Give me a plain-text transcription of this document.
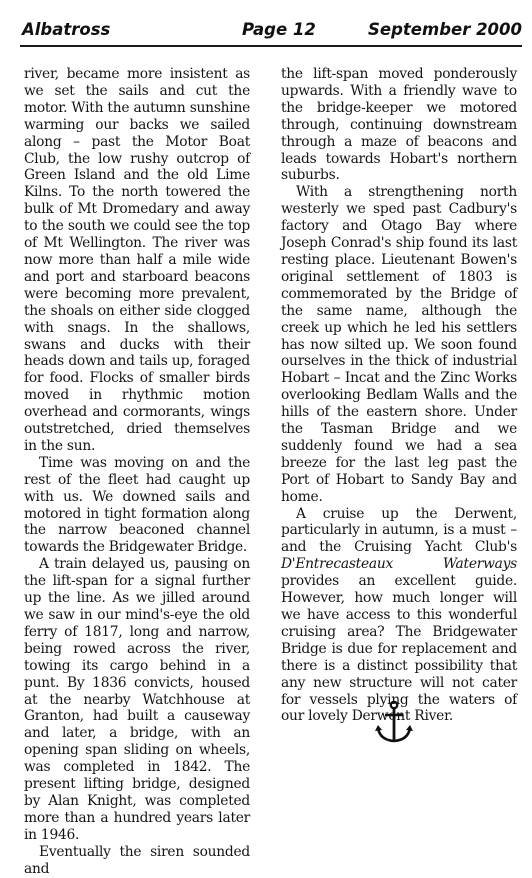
Albatross	Page 12	September 2000

river, became more insistent as we set the sails and cut the motor. With the autumn sunshine warming our backs we sailed along – past the Motor Boat Club, the low rushy outcrop of Green Island and the old Lime Kilns. To the north towered the bulk of Mt Dromedary and away to the south we could see the top of Mt Wellington. The river was now more than half a mile wide and port and starboard beacons were becoming more prevalent, the shoals on either side clogged with snags. In the shallows, swans and ducks with their heads down and tails up, foraged for food. Flocks of smaller birds moved in rhythmic motion overhead and cormorants, wings outstretched, dried themselves in the sun.

Time was moving on and the rest of the fleet had caught up with us. We downed sails and motored in tight formation along the narrow beaconed channel towards the Bridgewater Bridge.

A train delayed us, pausing on the lift-span for a signal further up the line. As we jilled around we saw in our mind's-eye the old ferry of 1817, long and narrow, being rowed across the river, towing its cargo behind in a punt. By 1836 convicts, housed at the nearby Watchhouse at Granton, had built a causeway and later, a bridge, with an opening span sliding on wheels, was completed in 1842. The present lifting bridge, designed by Alan Knight, was completed more than a hundred years later in 1946.

Eventually the siren sounded and

the lift-span moved ponderously upwards. With a friendly wave to the bridge-keeper we motored through, continuing downstream through a maze of beacons and leads towards Hobart's northern suburbs.

With a strengthening north westerly we sped past Cadbury's factory and Otago Bay where Joseph Conrad's ship found its last resting place. Lieutenant Bowen's original settlement of 1803 is commemorated by the Bridge of the same name, although the creek up which he led his settlers has now silted up. We soon found ourselves in the thick of industrial Hobart – Incat and the Zinc Works overlooking Bedlam Walls and the hills of the eastern shore. Under the Tasman Bridge and we suddenly found we had a sea breeze for the last leg past the Port of Hobart to Sandy Bay and home.

A cruise up the Derwent, particularly in autumn, is a must – and the Cruising Yacht Club's D'Entrecasteaux Waterways provides an excellent guide. However, how much longer will we have access to this wonderful cruising area? The Bridgewater Bridge is due for replacement and there is a distinct possibility that any new structure will not cater for vessels plying the waters of our lovely Derwent River.
